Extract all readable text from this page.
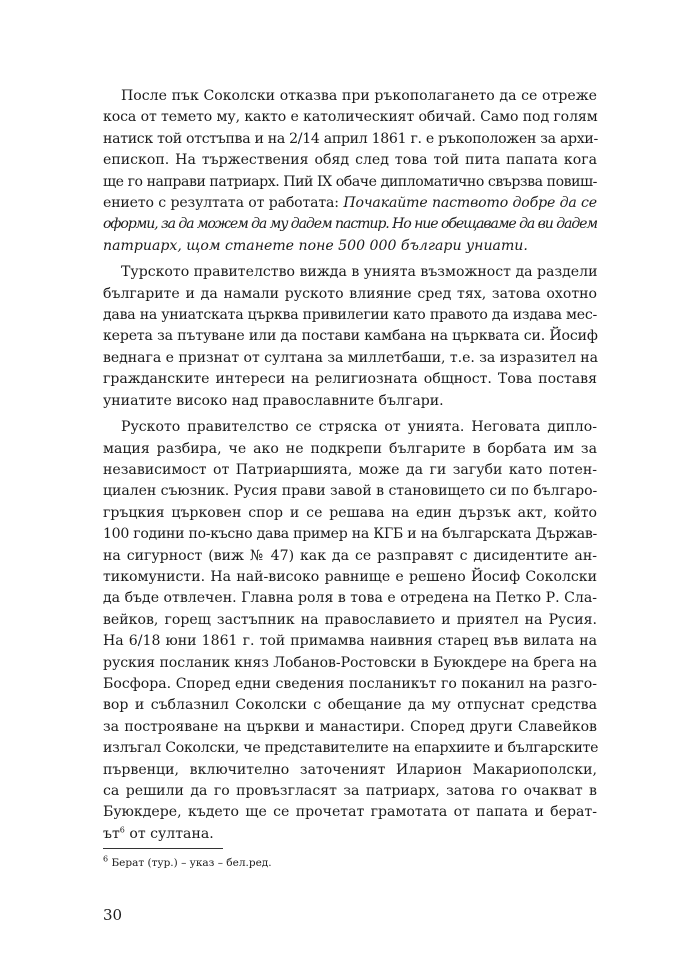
После пък Соколски отказва при ръкополагането да се отреже
коса от темето му, както е католическият обичай. Само под голям
натиск той отстъпва и на 2/14 април 1861 г. е ръкоположен за архи-
епископ. На тържествения обяд след това той пита папата кога
ще го направи патриарх. Пий IX обаче дипломатично свързва повиш-
ението с резултата от работата: Почакайте паството добре да се
оформи, за да можем да му дадем пастир. Но ние обещаваме да ви дадем
патриарх, щом станете поне 500 000 българи униати.

Турското правителство вижда в унията възможност да раздели
българите и да намали руското влияние сред тях, затова охотно
дава на униатската църква привилегии като правото да издава мес-
керета за пътуване или да постави камбана на църквата си. Йосиф
веднага е признат от султана за миллетбаши, т.е. за изразител на
гражданските интереси на религиозната общност. Това поставя
униатите високо над православните българи.

Руското правителство се стряска от унията. Неговата дипло-
мация разбира, че ако не подкрепи българите в борбата им за
независимост от Патриаршията, може да ги загуби като потен-
циален съюзник. Русия прави завой в становището си по българо-
гръцкия църковен спор и се решава на един дързък акт, който
100 години по-късно дава пример на КГБ и на българската Държав-
на сигурност (виж № 47) как да се разправят с дисидентите ан-
тикомунисти. На най-високо равнище е решено Йосиф Соколски
да бъде отвлечен. Главна роля в това е отредена на Петко Р. Сла-
вейков, горещ застъпник на православието и приятел на Русия.
На 6/18 юни 1861 г. той примамва наивния старец във вилата на
руския посланик княз Лобанов-Ростовски в Буюкдере на брега на
Босфора. Според едни сведения посланикът го поканил на разго-
вор и съблазнил Соколски с обещание да му отпуснат средства
за построяване на църкви и манастири. Според други Славейков
излъгал Соколски, че представителите на епархиите и българските
първенци, включително заточеният Иларион Макариополски,
са решили да го провъзгласят за патриарх, затова го очакват в
Буюкдере, където ще се прочетат грамотата от папата и берат-
$ът^6$ от султана.

$^6$ Берат (тур.) – указ – бел.ред.
30
